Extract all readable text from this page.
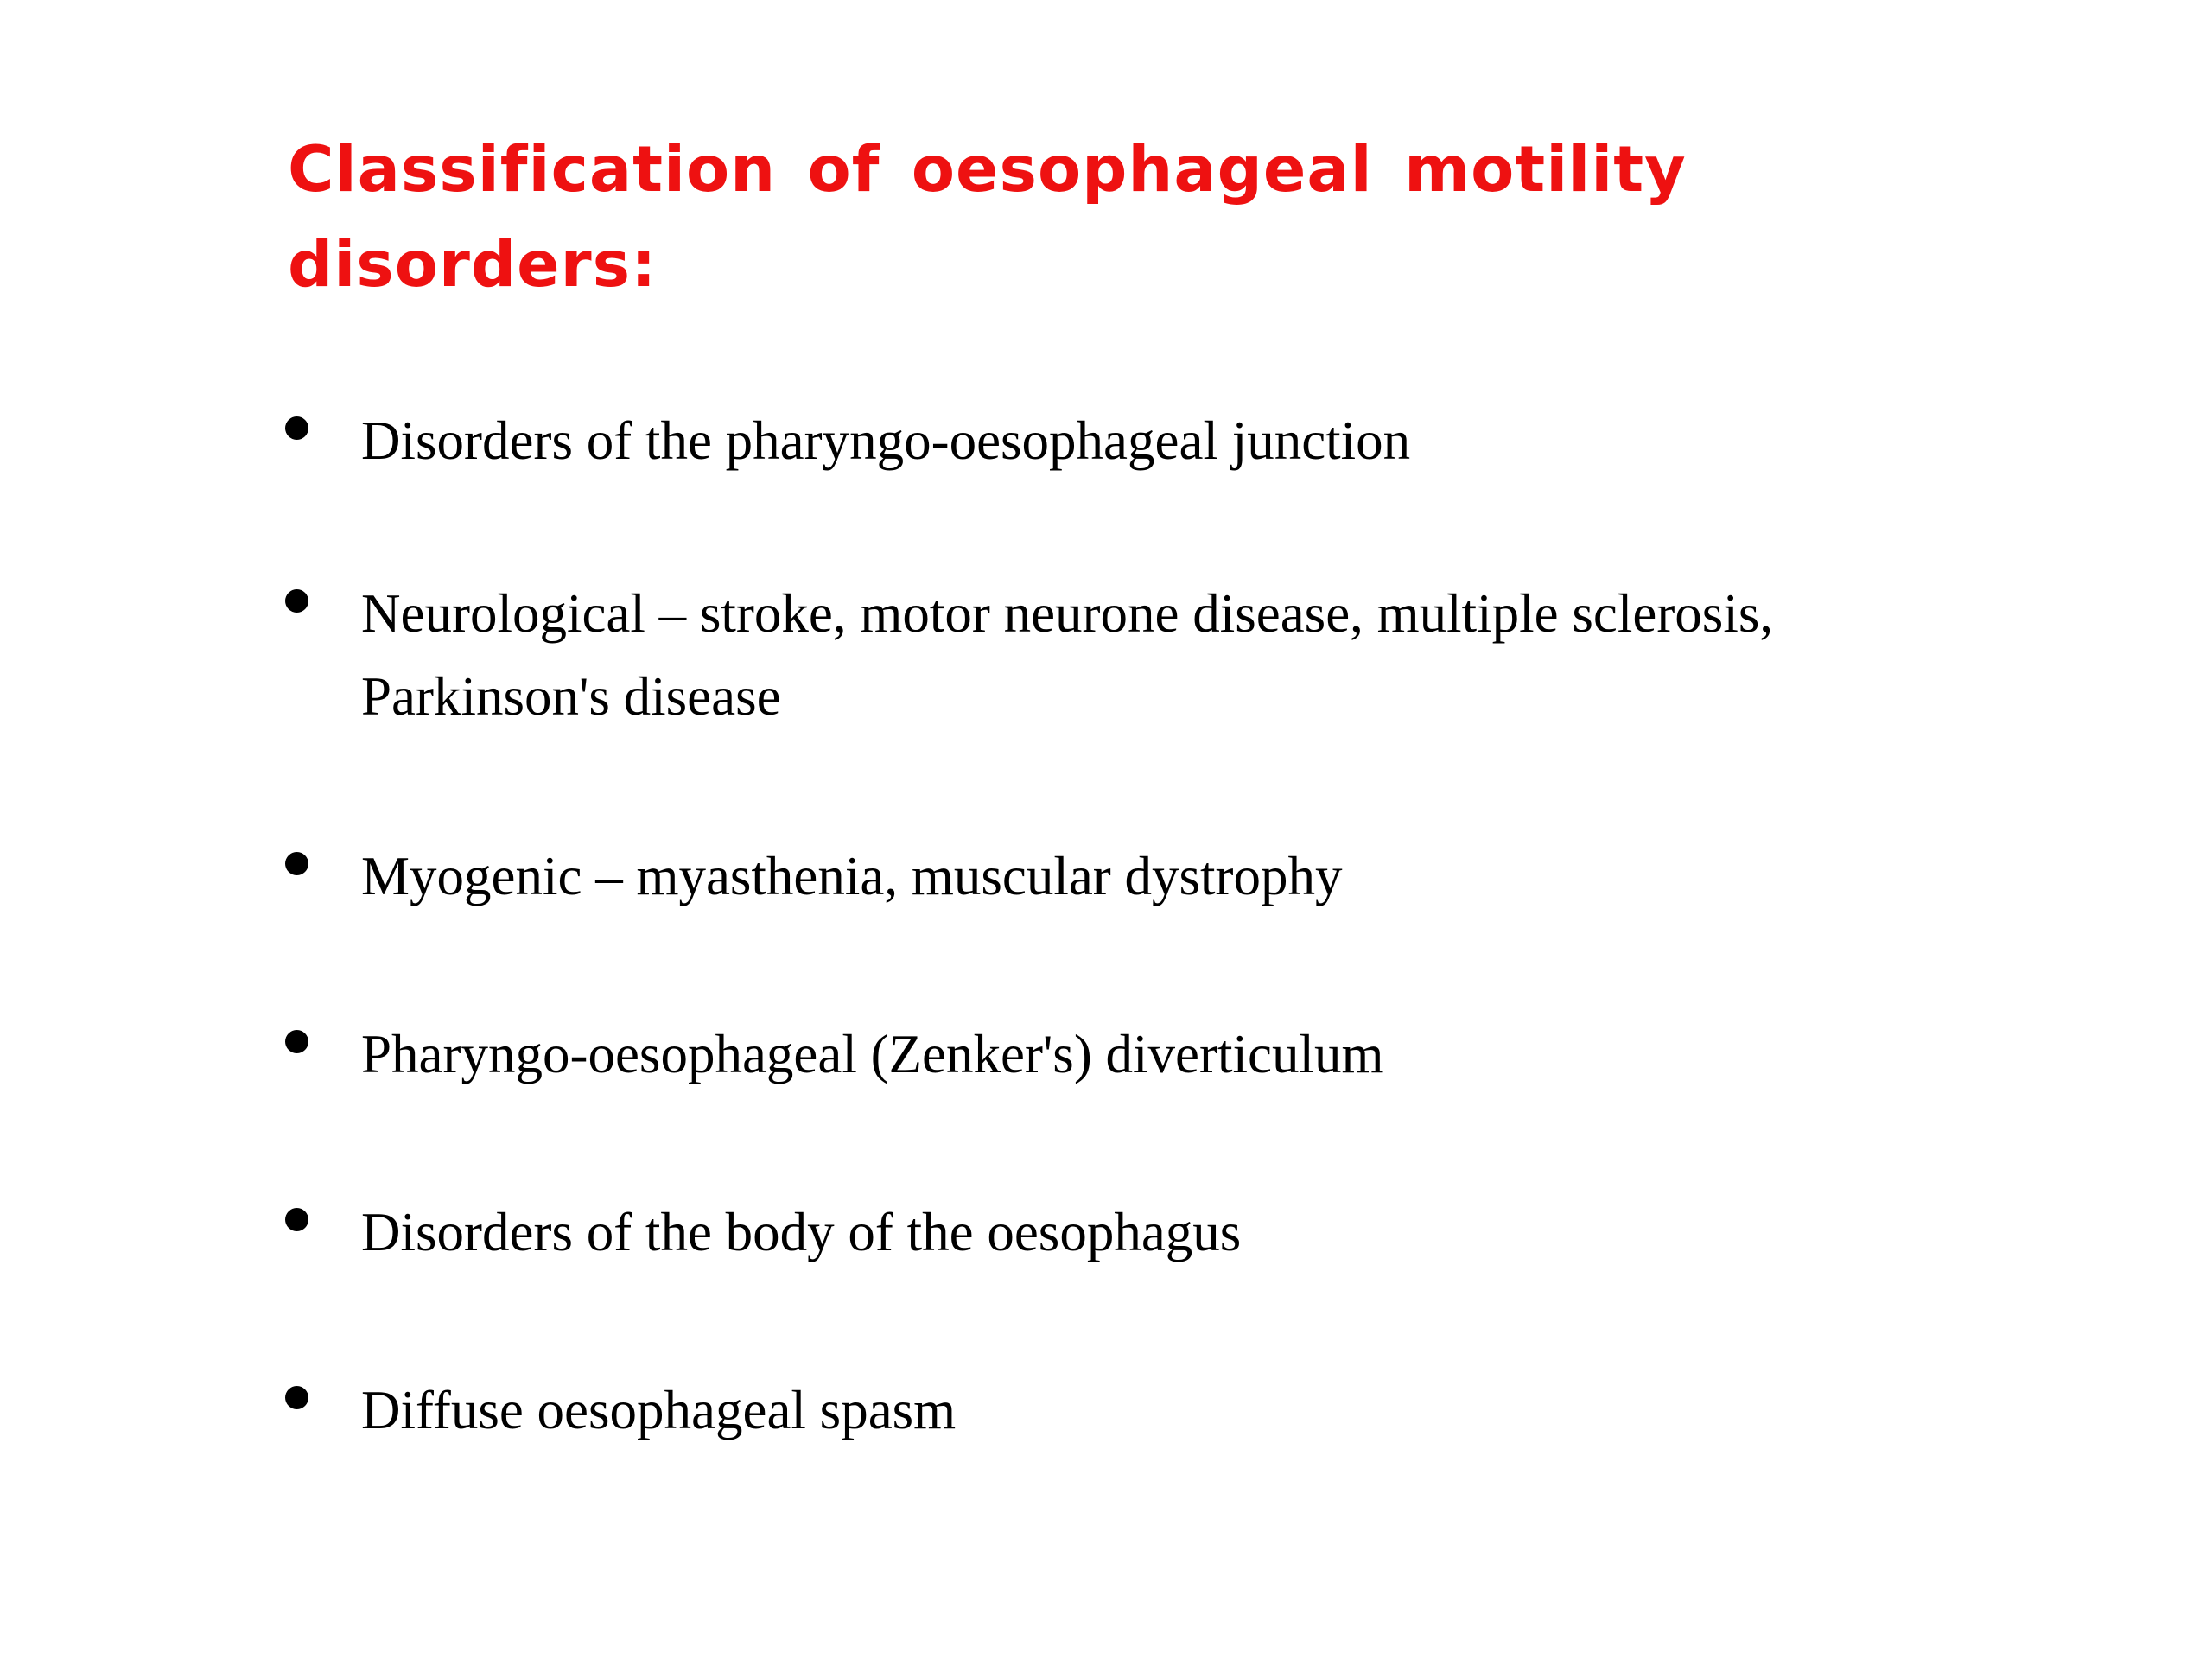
Classification of oesophageal motility disorders:
Disorders of the pharyngo-oesophageal junction
Neurological – stroke, motor neurone disease, multiple sclerosis,
Parkinson's disease
Myogenic – myasthenia, muscular dystrophy
Pharyngo-oesophageal (Zenker's) diverticulum
Disorders of the body of the oesophagus
Diffuse oesophageal spasm
